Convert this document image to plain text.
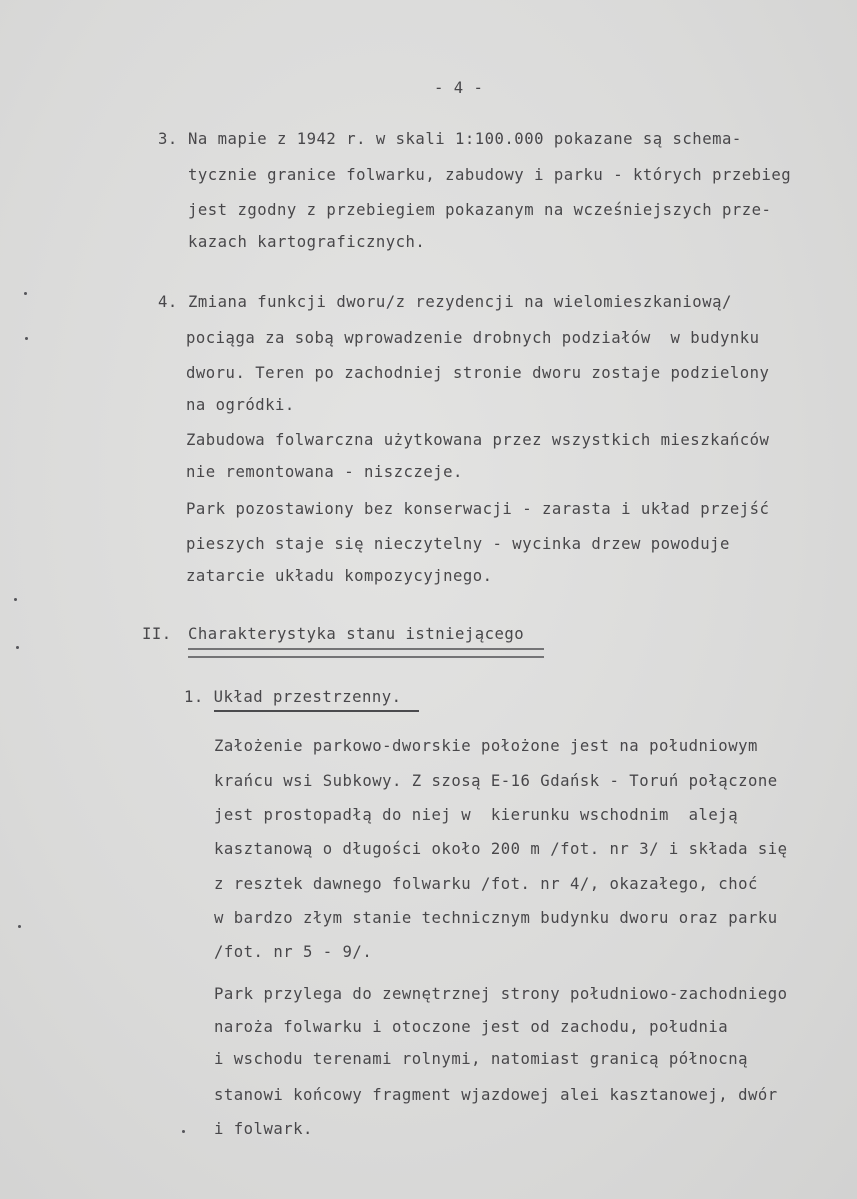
- 4 -
3. Na mapie z 1942 r. w skali 1:100.000 pokazane są schema-
tycznie granice folwarku, zabudowy i parku - których przebieg
jest zgodny z przebiegiem pokazanym na wcześniejszych prze-
kazach kartograficznych.
4. Zmiana funkcji dworu/z rezydencji na wielomieszkaniową/
pociąga za sobą wprowadzenie drobnych podziałów  w budynku
dworu. Teren po zachodniej stronie dworu zostaje podzielony
na ogródki.
Zabudowa folwarczna użytkowana przez wszystkich mieszkańców
nie remontowana - niszczeje.
Park pozostawiony bez konserwacji - zarasta i układ przejść
pieszych staje się nieczytelny - wycinka drzew powoduje
zatarcie układu kompozycyjnego.
II. Charakterystyka stanu istniejącego
1. Układ przestrzenny.
Założenie parkowo-dworskie położone jest na południowym
krańcu wsi Subkowy. Z szosą E-16 Gdańsk - Toruń połączone
jest prostopadłą do niej w  kierunku wschodnim  aleją
kasztanową o długości około 200 m /fot. nr 3/ i składa się
z resztek dawnego folwarku /fot. nr 4/, okazałego, choć
w bardzo złym stanie technicznym budynku dworu oraz parku
/fot. nr 5 - 9/.
Park przylega do zewnętrznej strony południowo-zachodniego
naroża folwarku i otoczone jest od zachodu, południa
i wschodu terenami rolnymi, natomiast granicą północną
stanowi końcowy fragment wjazdowej alei kasztanowej, dwór
i folwark.
